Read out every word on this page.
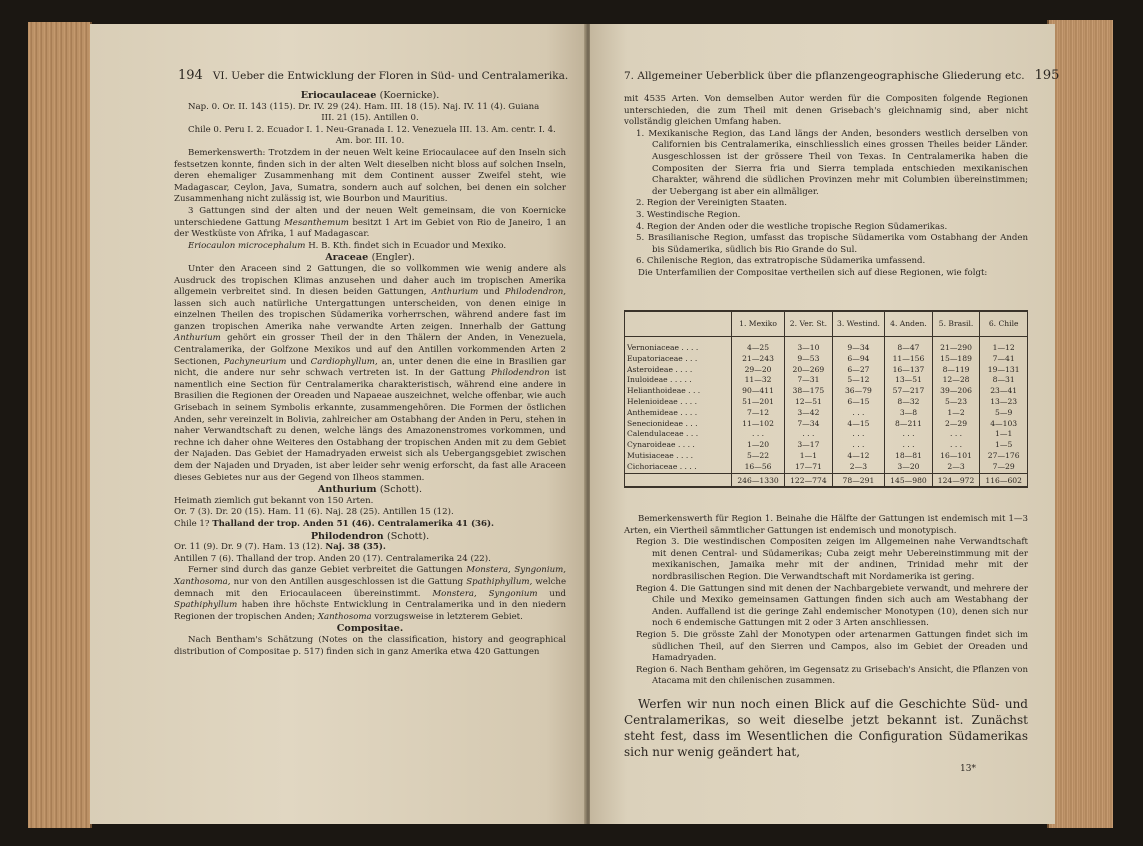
194 VI. Ueber die Entwicklung der Floren in Süd- und Centralamerika.

Eriocaulaceae (Koernicke).

Nap. 0. Or. II. 143 (115). Dr. IV. 29 (24). Ham. III. 18 (15). Naj. IV. 11 (4). Guiana

III. 21 (15). Antillen 0.

Chile 0. Peru I. 2. Ecuador I. 1. Neu-Granada I. 12. Venezuela III. 13. Am. centr. I. 4.

Am. bor. III. 10.

Bemerkenswerth: Trotzdem in der neuen Welt keine Eriocaulacee auf den Inseln sich festsetzen konnte, finden sich in der alten Welt dieselben nicht bloss auf solchen Inseln, deren ehemaliger Zusammenhang mit dem Continent ausser Zweifel steht, wie Madagascar, Ceylon, Java, Sumatra, sondern auch auf solchen, bei denen ein solcher Zusammenhang nicht zulässig ist, wie Bourbon und Mauritius.

3 Gattungen sind der alten und der neuen Welt gemeinsam, die von Koernicke unterschiedene Gattung Mesanthemum besitzt 1 Art im Gebiet von Rio de Janeiro, 1 an der Westküste von Afrika, 1 auf Madagascar.

Eriocaulon microcephalum H. B. Kth. findet sich in Ecuador und Mexiko.

Araceae (Engler).

Unter den Araceen sind 2 Gattungen, die so vollkommen wie wenig andere als Ausdruck des tropischen Klimas anzusehen und daher auch im tropischen Amerika allgemein verbreitet sind. In diesen beiden Gattungen, Anthurium und Philodendron, lassen sich auch natürliche Untergattungen unterscheiden, von denen einige in einzelnen Theilen des tropischen Südamerika vorherrschen, während andere fast im ganzen tropischen Amerika nahe verwandte Arten zeigen. Innerhalb der Gattung Anthurium gehört ein grosser Theil der in den Thälern der Anden, in Venezuela, Centralamerika, der Golfzone Mexikos und auf den Antillen vorkommenden Arten 2 Sectionen, Pachyneurium und Cardiophyllum, an, unter denen die eine in Brasilien gar nicht, die andere nur sehr schwach vertreten ist. In der Gattung Philodendron ist namentlich eine Section für Centralamerika charakteristisch, während eine andere in Brasilien die Regionen der Oreaden und Napaeae auszeichnet, welche offenbar, wie auch Grisebach in seinem Symbolis erkannte, zusammengehören. Die Formen der östlichen Anden, sehr vereinzelt in Bolivia, zahlreicher am Ostabhang der Anden in Peru, stehen in naher Verwandtschaft zu denen, welche längs des Amazonenstromes vorkommen, und rechne ich daher ohne Weiteres den Ostabhang der tropischen Anden mit zu dem Gebiet der Najaden. Das Gebiet der Hamadryaden erweist sich als Uebergangsgebiet zwischen dem der Najaden und Dryaden, ist aber leider sehr wenig erforscht, da fast alle Araceen dieses Gebietes nur aus der Gegend von Ilheos stammen.

Anthurium (Schott).

Heimath ziemlich gut bekannt von 150 Arten.

Or. 7 (3). Dr. 20 (15). Ham. 11 (6). Naj. 28 (25). Antillen 15 (12).

Chile 1? Thalland der trop. Anden 51 (46). Centralamerika 41 (36).

Philodendron (Schott).

Or. 11 (9). Dr. 9 (7). Ham. 13 (12). Naj. 38 (35).

Antillen 7 (6). Thalland der trop. Anden 20 (17). Centralamerika 24 (22).

Ferner sind durch das ganze Gebiet verbreitet die Gattungen Monstera, Syngonium, Xanthosoma, nur von den Antillen ausgeschlossen ist die Gattung Spathiphyllum, welche demnach mit den Eriocaulaceen übereinstimmt. Monstera, Syngonium und Spathiphyllum haben ihre höchste Entwicklung in Centralamerika und in den niedern Regionen der tropischen Anden; Xanthosoma vorzugsweise in letzterem Gebiet.

Compositae.

Nach Bentham's Schätzung (Notes on the classification, history and geographical distribution of Compositae p. 517) finden sich in ganz Amerika etwa 420 Gattungen

7. Allgemeiner Ueberblick über die pflanzengeographische Gliederung etc. 195

mit 4535 Arten. Von demselben Autor werden für die Compositen folgende Regionen unterschieden, die zum Theil mit denen Grisebach's gleichnamig sind, aber nicht vollständig gleichen Umfang haben.

1. Mexikanische Region, das Land längs der Anden, besonders westlich derselben von Californien bis Centralamerika, einschliesslich eines grossen Theiles beider Länder. Ausgeschlossen ist der grössere Theil von Texas. In Centralamerika haben die Compositen der Sierra fria und Sierra templada entschieden mexikanischen Charakter, während die südlichen Provinzen mehr mit Columbien übereinstimmen; der Uebergang ist aber ein allmäliger.

2. Region der Vereinigten Staaten.

3. Westindische Region.

4. Region der Anden oder die westliche tropische Region Südamerikas.

5. Brasilianische Region, umfasst das tropische Südamerika vom Ostabhang der Anden bis Südamerika, südlich bis Rio Grande do Sul.

6. Chilenische Region, das extratropische Südamerika umfassend.

Die Unterfamilien der Compositae vertheilen sich auf diese Regionen, wie folgt:

	1. Mexiko	2. Ver. St.	3. Westind.	4. Anden.	5. Brasil.	6. Chile
Vernoniaceae . . . .	4—25	3—10	9—34	8—47	21—290	1—12
Eupatoriaceae . . .	21—243	9—53	6—94	11—156	15—189	7—41
Asteroideae . . . .	29—20	20—269	6—27	16—137	8—119	19—131
Inuloideae . . . . .	11—32	7—31	5—12	13—51	12—28	8—31
Helianthoideae . . .	90—411	38—175	36—79	57—217	39—206	23—41
Helenioideae . . . .	51—201	12—51	6—15	8—32	5—23	13—23
Anthemideae . . . .	7—12	3—42	. . .	3—8	1—2	5—9
Senecionideae . . .	11—102	7—34	4—15	8—211	2—29	4—103
Calendulaceae . . .	. . .	. . .	. . .	. . .	. . .	1—1
Cynaroideae . . . .	1—20	3—17	. . .	. . .	. . .	1—5
Mutisiaceae . . . .	5—22	1—1	4—12	18—81	16—101	27—176
Cichoriaceae . . . .	16—56	17—71	2—3	3—20	2—3	7—29
	246—1330	122—774	78—291	145—980	124—972	116—602

Bemerkenswerth für Region 1. Beinahe die Hälfte der Gattungen ist endemisch mit 1—3 Arten, ein Viertheil sämmtlicher Gattungen ist endemisch und monotypisch.

Region 3. Die westindischen Compositen zeigen im Allgemeinen nahe Verwandtschaft mit denen Central- und Südamerikas; Cuba zeigt mehr Uebereinstimmung mit der mexikanischen, Jamaika mehr mit der andinen, Trinidad mehr mit der nordbrasilischen Region. Die Verwandtschaft mit Nordamerika ist gering.

Region 4. Die Gattungen sind mit denen der Nachbargebiete verwandt, und mehrere der Chile und Mexiko gemeinsamen Gattungen finden sich auch am Westabhang der Anden. Auffallend ist die geringe Zahl endemischer Monotypen (10), denen sich nur noch 6 endemische Gattungen mit 2 oder 3 Arten anschliessen.

Region 5. Die grösste Zahl der Monotypen oder artenarmen Gattungen findet sich im südlichen Theil, auf den Sierren und Campos, also im Gebiet der Oreaden und Hamadryaden.

Region 6. Nach Bentham gehören, im Gegensatz zu Grisebach's Ansicht, die Pflanzen von Atacama mit den chilenischen zusammen.

Werfen wir nun noch einen Blick auf die Geschichte Süd- und Centralamerikas, so weit dieselbe jetzt bekannt ist. Zunächst steht fest, dass im Wesentlichen die Configuration Südamerikas sich nur wenig geändert hat,

13*
